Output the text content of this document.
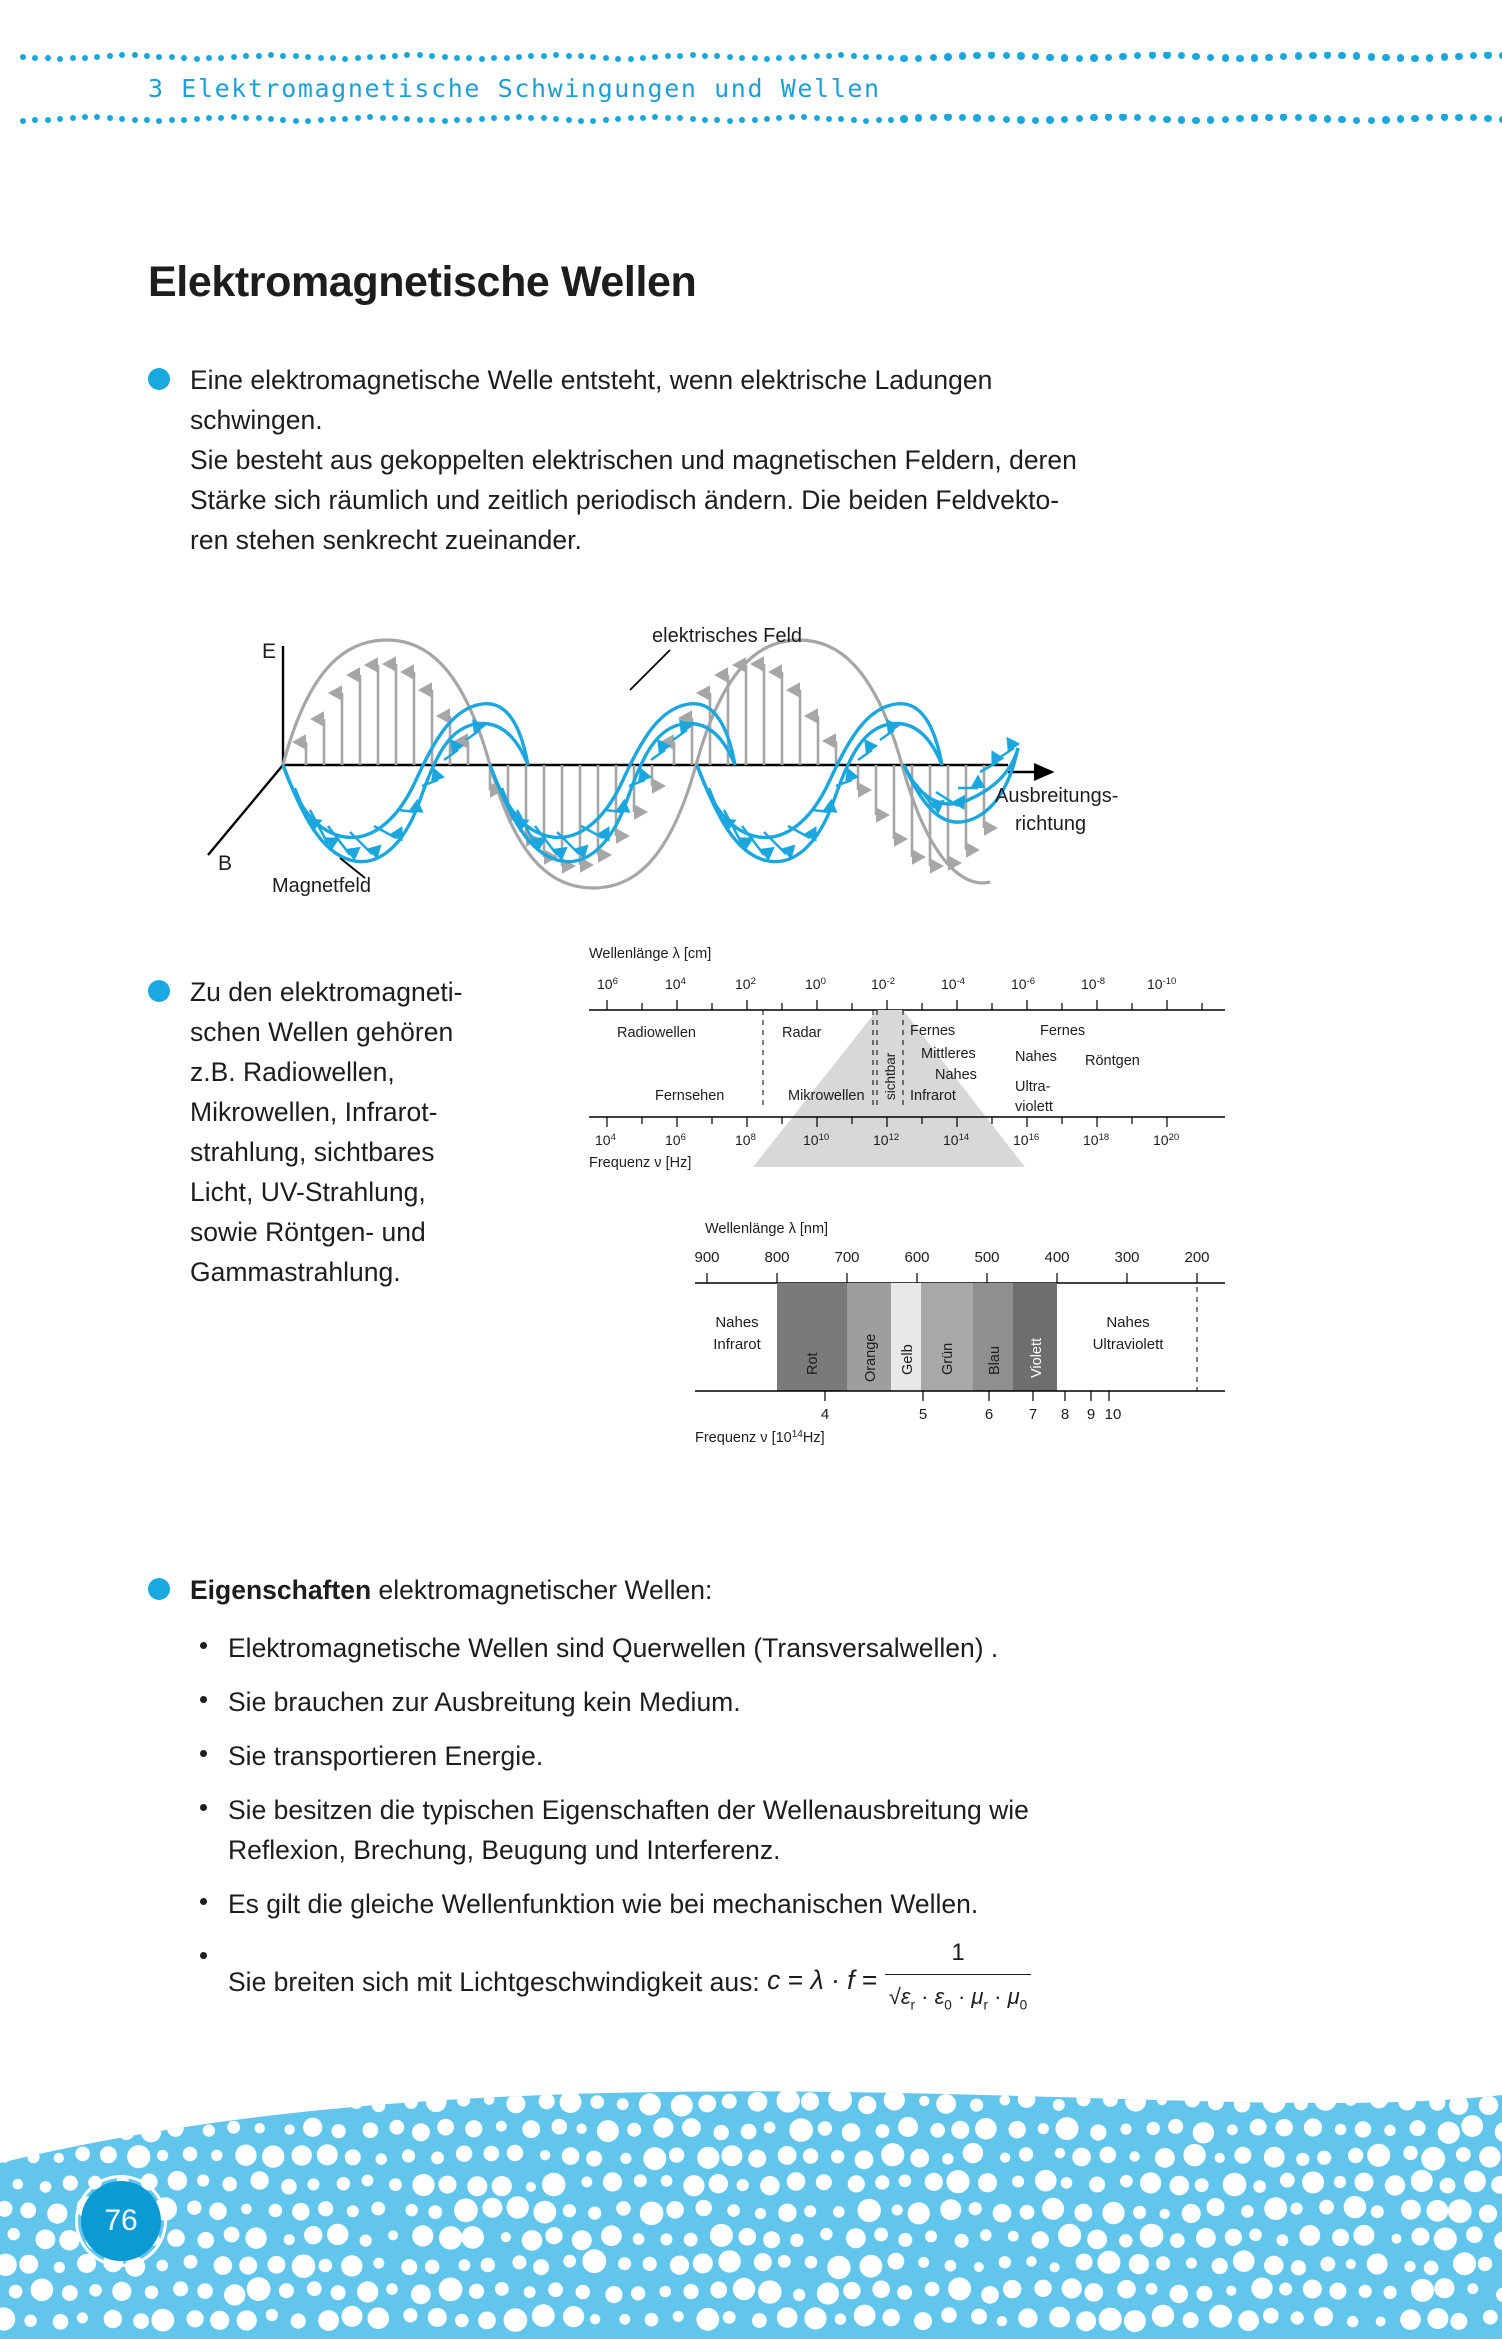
3 Elektromagnetische Schwingungen und Wellen
Elektromagnetische Wellen
Eine elektromagnetische Welle entsteht, wenn elektrische Ladungen
schwingen.
Sie besteht aus gekoppelten elektrischen und magnetischen Feldern, deren
Stärke sich räumlich und zeitlich periodisch ändern. Die beiden Feldvekto-
ren stehen senkrecht zueinander.
E
B
elektrisches Feld
Magnetfeld
Ausbreitungs-
richtung
Zu den elektromagneti-
schen Wellen gehören
z.B. Radiowellen,
Mikrowellen, Infrarot-
strahlung, sichtbares
Licht, UV-Strahlung,
sowie Röntgen- und
Gammastrahlung.
Wellenlänge λ [cm]
$10^6$	$10^4$	$10^2$	$10^0$	$10^{-2}$	$10^{-4}$	$10^{-6}$	$10^{-8}$	$10^{-10}$
Radiowellen	Radar	Fernes
Mittleres
Nahes
Infrarot
Fernsehen	Mikrowellen
Fernes
Nahes
Ultra-
violett
Röntgen
sichtbar
$10^4$	$10^6$	$10^8$	$10^{10}$	$10^{12}$	$10^{14}$	$10^{16}$	$10^{18}$	$10^{20}$
Frequenz ν [Hz]
Wellenlänge λ [nm]
900	800	700	600	500	400	300	200
Rot	Orange Gelb Grün Blau Violett
Nahes
Infrarot
Nahes
Ultraviolett
4	5	6 7 8 9 10
Frequenz ν $[10^{14}Hz]$
Eigenschaften elektromagnetischer Wellen:
Elektromagnetische Wellen sind Querwellen (Transversalwellen) .
Sie brauchen zur Ausbreitung kein Medium.
Sie transportieren Energie.
Sie besitzen die typischen Eigenschaften der Wellenausbreitung wie
Reflexion, Brechung, Beugung und Interferenz.
Es gilt die gleiche Wellenfunktion wie bei mechanischen Wellen.
Sie breiten sich mit Lichtgeschwindigkeit aus: $c = \lambda \cdot f = \frac{1}{√\varepsilon_r \cdot \varepsilon_0 \cdot \mu_r \cdot \mu_0}$
76
